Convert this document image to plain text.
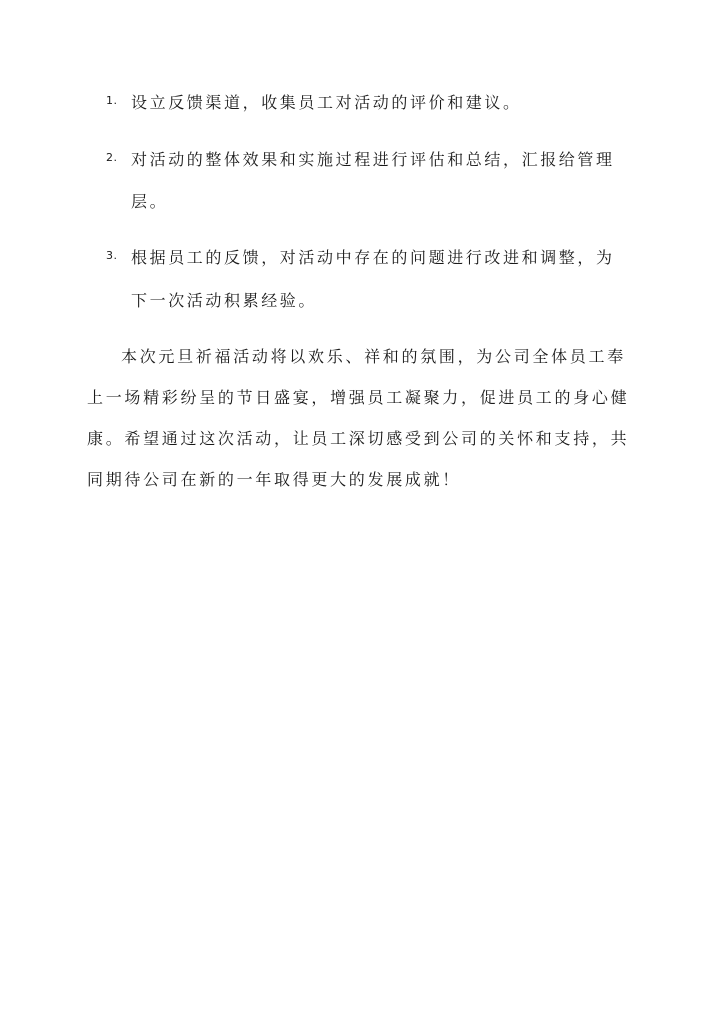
1. 设立反馈渠道，收集员工对活动的评价和建议。
2. 对活动的整体效果和实施过程进行评估和总结，汇报给管理
层。
3. 根据员工的反馈，对活动中存在的问题进行改进和调整，为
下一次活动积累经验。
本次元旦祈福活动将以欢乐、祥和的氛围，为公司全体员工奉
上一场精彩纷呈的节日盛宴，增强员工凝聚力，促进员工的身心健
康。希望通过这次活动，让员工深切感受到公司的关怀和支持，共
同期待公司在新的一年取得更大的发展成就！
